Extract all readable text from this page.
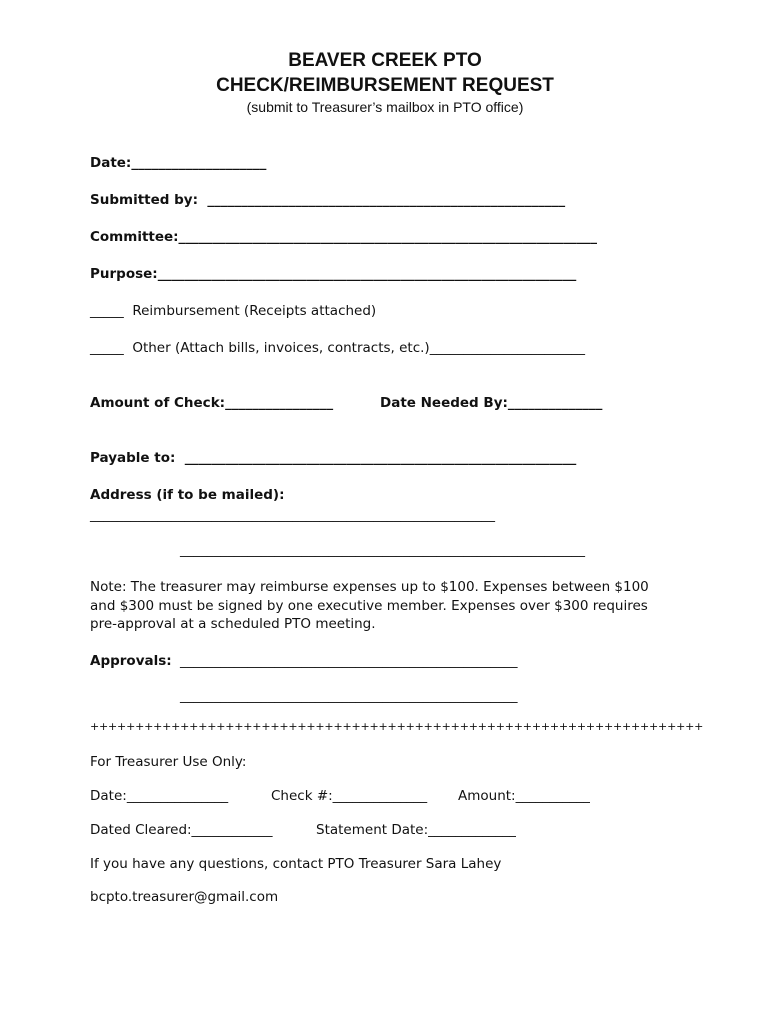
BEAVER CREEK PTO
CHECK/REIMBURSEMENT REQUEST
(submit to Treasurer’s mailbox in PTO office)
Date:____________________
Submitted by:  _____________________________________________________
Committee:______________________________________________________________
Purpose:______________________________________________________________
_____  Reimbursement (Receipts attached)
_____  Other (Attach bills, invoices, contracts, etc.)_______________________
Amount of Check:________________	Date Needed By:______________
Payable to:  __________________________________________________________
Address (if to be mailed):
____________________________________________________________
____________________________________________________________
Note: The treasurer may reimburse expenses up to $100. Expenses between $100 and $300 must be signed by one executive member. Expenses over $300 requires pre-approval at a scheduled PTO meeting.
Approvals: __________________________________________________
__________________________________________________
++++++++++++++++++++++++++++++++++++++++++++++++++++++++++++++++++++
For Treasurer Use Only:
Date:_______________	Check #:______________ Amount:___________
Dated Cleared:____________	Statement Date:_____________
If you have any questions, contact PTO Treasurer Sara Lahey
bcpto.treasurer@gmail.com
